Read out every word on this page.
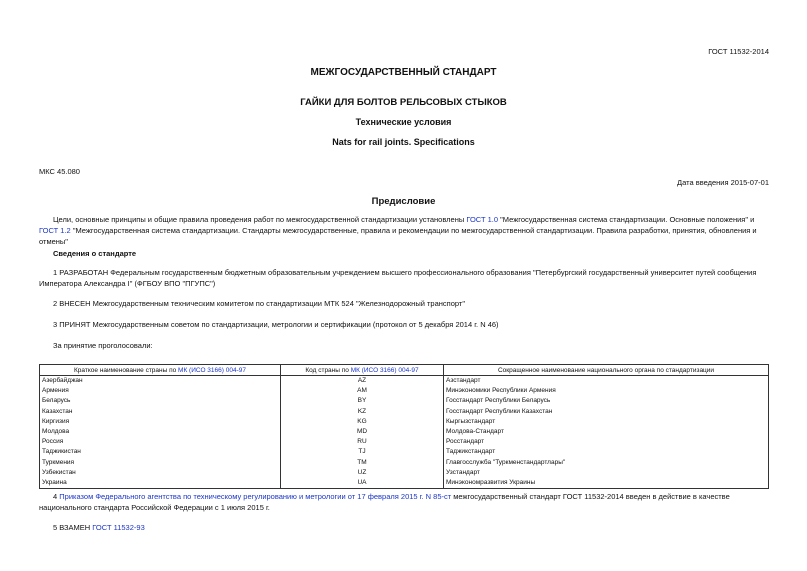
ГОСТ 11532-2014
МЕЖГОСУДАРСТВЕННЫЙ СТАНДАРТ
ГАЙКИ ДЛЯ БОЛТОВ РЕЛЬСОВЫХ СТЫКОВ
Технические условия
Nats for rail joints. Specifications
МКС 45.080
Дата введения 2015-07-01
Предисловие
Цели, основные принципы и общие правила проведения работ по межгосударственной стандартизации установлены ГОСТ 1.0 "Межгосударственная система стандартизации. Основные положения" и ГОСТ 1.2 "Межгосударственная система стандартизации. Стандарты межгосударственные, правила и рекомендации по межгосударственной стандартизации. Правила разработки, принятия, обновления и отмены"
Сведения о стандарте
1 РАЗРАБОТАН Федеральным государственным бюджетным образовательным учреждением высшего профессионального образования "Петербургский государственный университет путей сообщения Императора Александра I" (ФГБОУ ВПО "ПГУПС")
2 ВНЕСЕН Межгосударственным техническим комитетом по стандартизации МТК 524 "Железнодорожный транспорт"
3 ПРИНЯТ Межгосударственным советом по стандартизации, метрологии и сертификации (протокол от 5 декабря 2014 г. N 46)
За принятие проголосовали:
Краткое наименование страны по МК (ИСО 3166) 004-97	Код страны по МК (ИСО 3166) 004-97	Сокращенное наименование национального органа по стандартизации
Азербайджан	AZ	Азстандарт
Армения	AM	Минэкономики Республики Армения
Беларусь	BY	Госстандарт Республики Беларусь
Казахстан	KZ	Госстандарт Республики Казахстан
Киргизия	KG	Кыргызстандарт
Молдова	MD	Молдова-Стандарт
Россия	RU	Росстандарт
Таджикистан	TJ	Таджикстандарт
Туркмения	TM	Главгосслужба "Туркменстандартлары"
Узбекистан	UZ	Узстандарт
Украина	UA	Минэкономразвития Украины
4 Приказом Федерального агентства по техническому регулированию и метрологии от 17 февраля 2015 г. N 85-ст межгосударственный стандарт ГОСТ 11532-2014 введен в действие в качестве национального стандарта Российской Федерации с 1 июля 2015 г.
5 ВЗАМЕН ГОСТ 11532-93
